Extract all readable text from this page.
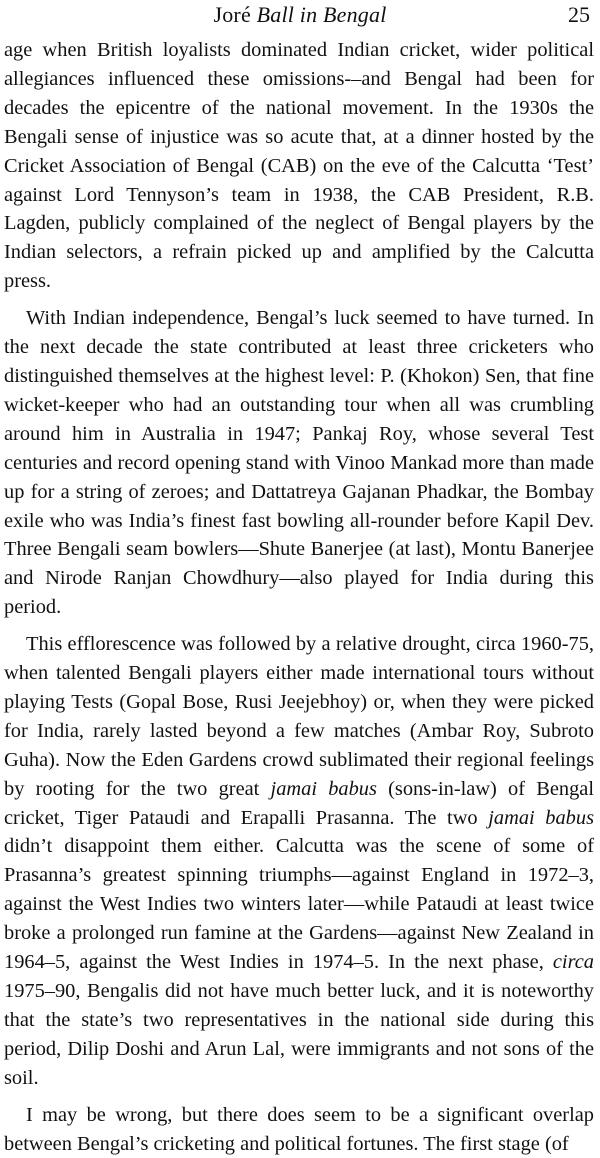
Joré Ball in Bengal	25

age when British loyalists dominated Indian cricket, wider political allegiances influenced these omissions-–and Bengal had been for decades the epicentre of the national movement. In the 1930s the Bengali sense of injustice was so acute that, at a dinner hosted by the Cricket Association of Bengal (CAB) on the eve of the Calcutta ‘Test’ against Lord Tennyson’s team in 1938, the CAB President, R.B. Lagden, publicly complained of the neglect of Bengal players by the Indian selectors, a refrain picked up and amplified by the Calcutta press.

With Indian independence, Bengal’s luck seemed to have turned. In the next decade the state contributed at least three cricketers who distinguished themselves at the highest level: P. (Khokon) Sen, that fine wicket-keeper who had an outstanding tour when all was crumbling around him in Australia in 1947; Pankaj Roy, whose several Test centuries and record opening stand with Vinoo Mankad more than made up for a string of zeroes; and Dattatreya Gajanan Phadkar, the Bombay exile who was India’s finest fast bowling all-rounder before Kapil Dev. Three Bengali seam bowlers—Shute Banerjee (at last), Montu Banerjee and Nirode Ranjan Chowdhury—also played for India during this period.

This efflorescence was followed by a relative drought, circa 1960-75, when talented Bengali players either made international tours without playing Tests (Gopal Bose, Rusi Jeejebhoy) or, when they were picked for India, rarely lasted beyond a few matches (Ambar Roy, Subroto Guha). Now the Eden Gardens crowd sublimated their regional feelings by rooting for the two great jamai babus (sons-in-law) of Bengal cricket, Tiger Pataudi and Erapalli Prasanna. The two jamai babus didn’t disappoint them either. Calcutta was the scene of some of Prasanna’s greatest spinning triumphs—against England in 1972–3, against the West Indies two winters later—while Pataudi at least twice broke a prolonged run famine at the Gardens—against New Zealand in 1964–5, against the West Indies in 1974–5. In the next phase, circa 1975–90, Bengalis did not have much better luck, and it is noteworthy that the state’s two representatives in the national side during this period, Dilip Doshi and Arun Lal, were immigrants and not sons of the soil.

I may be wrong, but there does seem to be a significant overlap between Bengal’s cricketing and political fortunes. The first stage (of
